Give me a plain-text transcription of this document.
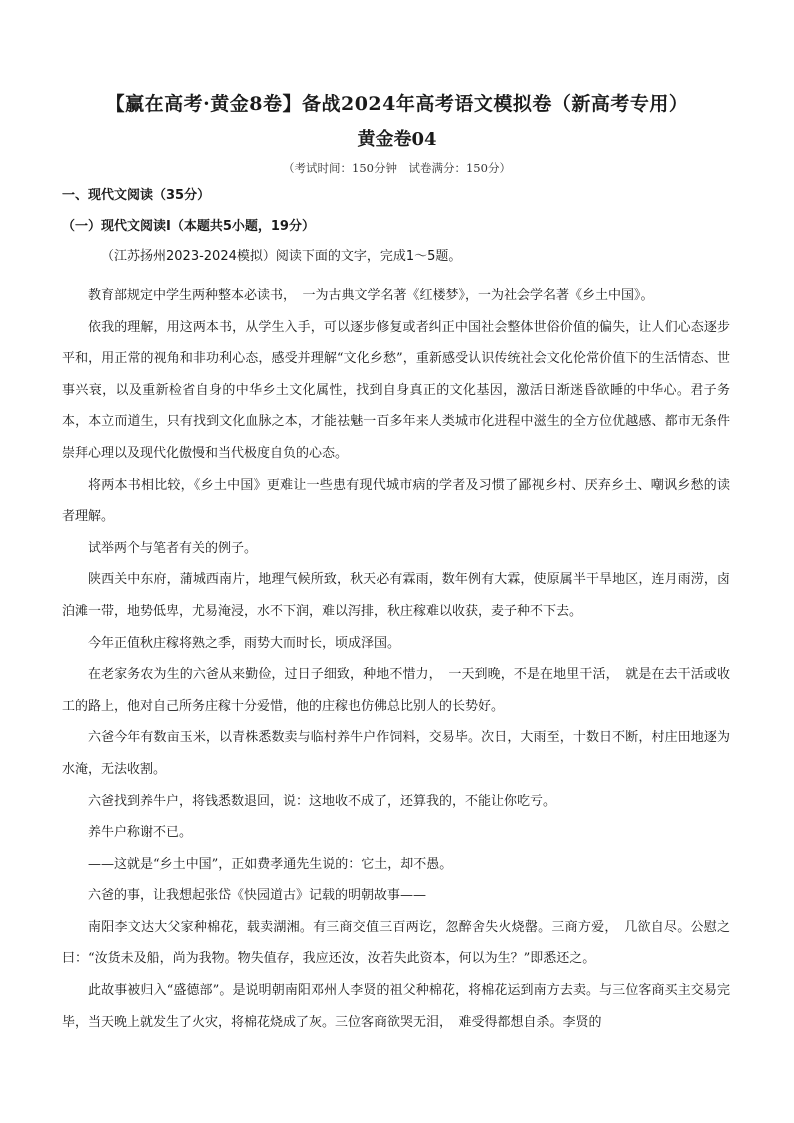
【赢在高考·黄金8卷】备战2024年高考语文模拟卷（新高考专用）
黄金卷04
（考试时间：150分钟　试卷满分：150分）
一、现代文阅读（35分）
（一）现代文阅读Ⅰ（本题共5小题，19分）
（江苏扬州2023-2024模拟）阅读下面的文字，完成1～5题。

教育部规定中学生两种整本必读书，　一为古典文学名著《红楼梦》，一为社会学名著《乡土中国》。

依我的理解，用这两本书，从学生入手，可以逐步修复或者纠正中国社会整体世俗价值的偏失，让人们心态逐步平和，用正常的视角和非功利心态，感受并理解“文化乡愁”，重新感受认识传统社会文化伦常价值下的生活情态、世事兴衰，以及重新检省自身的中华乡土文化属性，找到自身真正的文化基因，激活日渐迷昏欲睡的中华心。君子务本，本立而道生，只有找到文化血脉之本，才能祛魅一百多年来人类城市化进程中滋生的全方位优越感、都市无条件崇拜心理以及现代化傲慢和当代极度自负的心态。

将两本书相比较，《乡土中国》更难让一些患有现代城市病的学者及习惯了鄙视乡村、厌弃乡土、嘲讽乡愁的读者理解。

试举两个与笔者有关的例子。

陕西关中东府，蒲城西南片，地理气候所致，秋天必有霖雨，数年例有大霖，使原属半干旱地区，连月雨涝，卤泊滩一带，地势低卑，尤易淹浸，水不下润，难以泻排，秋庄稼难以收获，麦子种不下去。

今年正值秋庄稼将熟之季，雨势大而时长，顷成泽国。

在老家务农为生的六爸从来勤俭，过日子细致，种地不惜力，　一天到晚，不是在地里干活，　就是在去干活或收工的路上，他对自己所务庄稼十分爱惜，他的庄稼也仿佛总比别人的长势好。

六爸今年有数亩玉米，以青株悉数卖与临村养牛户作饲料，交易毕。次日，大雨至，十数日不断，村庄田地逐为水淹，无法收割。

六爸找到养牛户，将钱悉数退回，说：这地收不成了，还算我的，不能让你吃亏。

养牛户称谢不已。

——这就是“乡土中国”，正如费孝通先生说的：它土，却不愚。

六爸的事，让我想起张岱《快园道古》记载的明朝故事——

南阳李文达大父家种棉花，载卖湖湘。有三商交值三百两讫，忽醉舍失火烧罄。三商方爱，　几欲自尽。公慰之曰：“汝货未及船，尚为我物。物失值存，我应还汝，汝若失此资本，何以为生？”即悉还之。

此故事被归入“盛德部”。是说明朝南阳邓州人李贤的祖父种棉花，将棉花运到南方去卖。与三位客商买主交易完毕，当天晚上就发生了火灾，将棉花烧成了灰。三位客商欲哭无泪，　难受得都想自杀。李贤的
